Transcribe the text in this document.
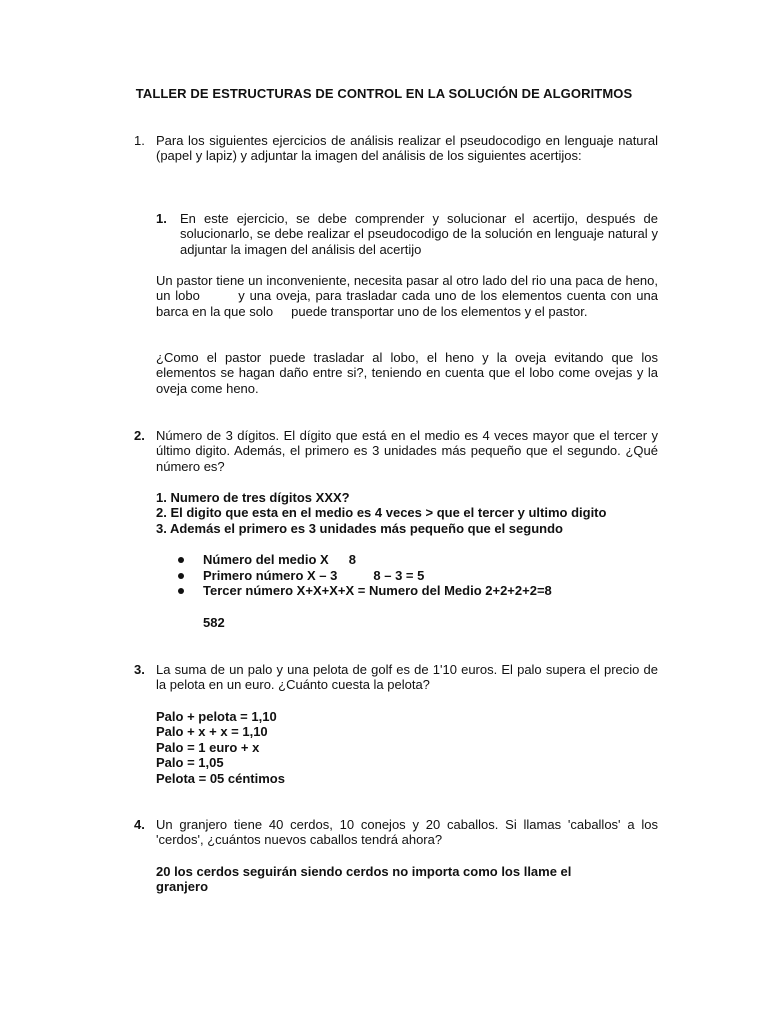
TALLER DE ESTRUCTURAS DE CONTROL EN LA SOLUCIÓN DE ALGORITMOS
1. Para los siguientes ejercicios de análisis realizar el pseudocodigo en lenguaje natural (papel y lapiz) y adjuntar la imagen del análisis de los siguientes acertijos:

1. En este ejercicio, se debe comprender y solucionar el acertijo, después de solucionarlo, se debe realizar el pseudocodigo de la solución en lenguaje natural y adjuntar la imagen del análisis del acertijo

Un pastor tiene un inconveniente, necesita pasar al otro lado del rio una paca de heno, un lobo        y una oveja, para trasladar cada uno de los elementos cuenta con una barca en la que solo     puede transportar uno de los elementos y el pastor.

¿Como el pastor puede trasladar al lobo, el heno y la oveja evitando que los elementos se hagan daño entre si?, teniendo en cuenta que el lobo come ovejas y la oveja come heno.

2. Número de 3 dígitos. El dígito que está en el medio es 4 veces mayor que el tercer y último digito. Además, el primero es 3 unidades más pequeño que el segundo. ¿Qué número es?

1. Numero de tres dígitos XXX?
2. El digito que esta en el medio es 4 veces > que el tercer y ultimo digito
3. Además el primero es 3 unidades más pequeño que el segundo
Número del medio X 8
Primero número X – 3	8 – 3 = 5
Tercer número X+X+X+X = Numero del Medio 2+2+2+2=8
582
3. La suma de un palo y una pelota de golf es de 1'10 euros. El palo supera el precio de la pelota en un euro. ¿Cuánto cuesta la pelota?

Palo + pelota = 1,10
Palo + x + x = 1,10
Palo = 1 euro + x
Palo = 1,05
Pelota = 05 céntimos
4. Un granjero tiene 40 cerdos, 10 conejos y 20 caballos. Si llamas 'caballos' a los 'cerdos', ¿cuántos nuevos caballos tendrá ahora?

20 los cerdos seguirán siendo cerdos no importa como los llame el granjero
